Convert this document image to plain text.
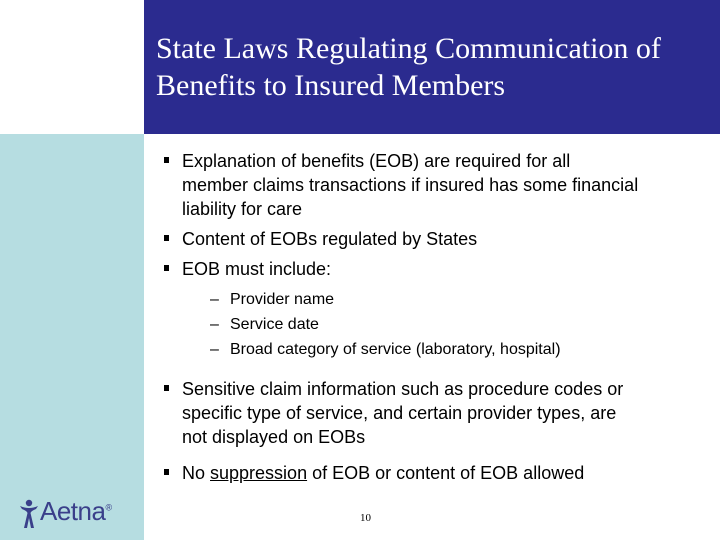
State Laws Regulating Communication of
Benefits to Insured Members
Explanation of benefits (EOB) are required for all
member claims transactions if insured has some financial
liability for care
Content of EOBs regulated by States
EOB must include:
– Provider name
– Service date
– Broad category of service (laboratory, hospital)
Sensitive claim information such as procedure codes or
specific type of service, and certain provider types, are
not displayed on EOBs
No suppression of EOB or content of EOB allowed
Aetna®
10
